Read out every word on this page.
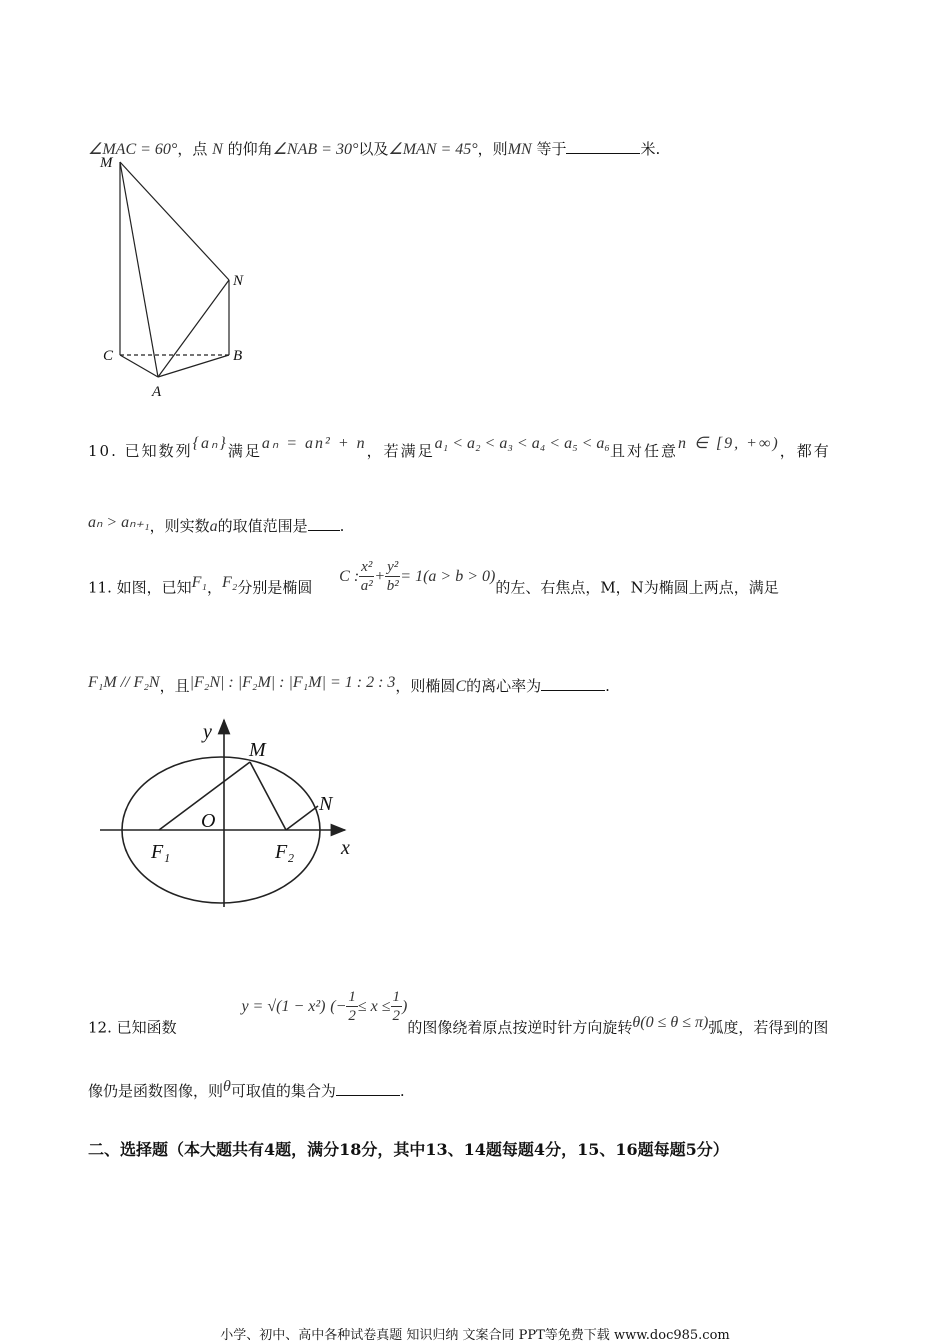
∠MAC = 60°，点 N 的仰角∠NAB = 30°以及∠MAN = 45°，则MN 等于	米.
M
N
C	B
A
10. 已知数列{aₙ}满足aₙ = an² + n，若满足a₁ < a₂ < a₃ < a₄ < a₅ < a₆且对任意n ∈ [9, +∞)，都有
aₙ > aₙ₊₁，则实数a的取值范围是 .
11. 如图，已知F₁，F₂分别是椭圆 C : $\frac{\text{x²}}{\text{a²}} + \frac{\text{y²}}{\text{b²}} = 1(a > b > 0)$的左、右焦点，M，N为椭圆上两点，满足
F₁M // F₂N，且|F₂N| : |F₂M| : |F₁M| = 1 : 2 : 3，则椭圆C的离心率为	.
y
x
M
N
O
F₁	F₂
12. 已知函数 y = √(1 − x²) (− $\frac{1}{2} \le x \le \frac{1}{2}$ )的图像绕着原点按逆时针方向旋转θ(0 ≤ θ ≤ π)弧度，若得到的图
像仍是函数图像，则θ可取值的集合为	.
二、选择题（本大题共有4题，满分18分，其中13、14题每题4分，15、16题每题5分）
小学、初中、高中各种试卷真题 知识归纳 文案合同 PPT等免费下载 www.doc985.com
